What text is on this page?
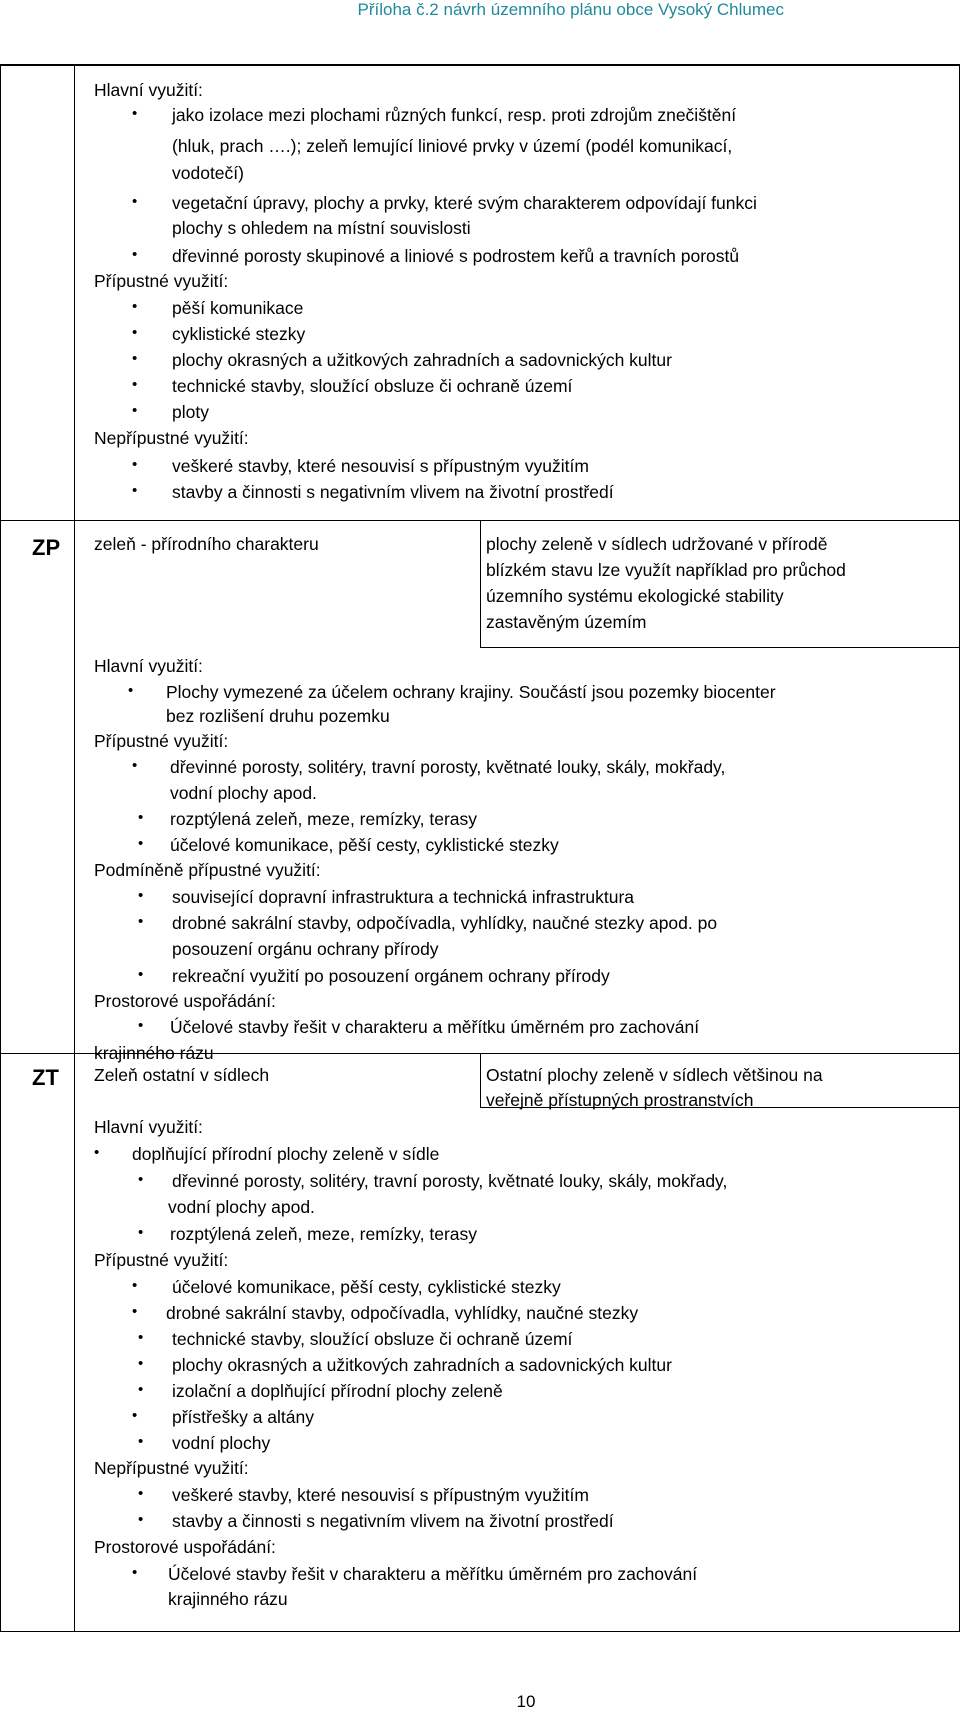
Příloha č.2 návrh územního plánu obce Vysoký Chlumec
Hlavní využití:
• jako izolace mezi plochami různých funkcí, resp. proti zdrojům znečištění
(hluk, prach ….); zeleň lemující liniové prvky v území (podél komunikací,
vodotečí)
• vegetační úpravy, plochy a prvky, které svým charakterem odpovídají funkci
plochy s ohledem na místní souvislosti
• dřevinné porosty skupinové a liniové s podrostem keřů a travních porostů
Přípustné využití:
• pěší komunikace
• cyklistické stezky
• plochy okrasných a užitkových zahradních a sadovnických kultur
• technické stavby, sloužící obsluze či ochraně území
• ploty
Nepřípustné využití:
• veškeré stavby, které nesouvisí s přípustným využitím
• stavby a činnosti s negativním vlivem na životní prostředí
ZP zeleň - přírodního charakteru	plochy zeleně v sídlech udržované v přírodě
blízkém stavu lze využít například pro průchod
územního systému ekologické stability
zastavěným územím
Hlavní využití:
• Plochy vymezené za účelem ochrany krajiny. Součástí jsou pozemky biocenter
bez rozlišení druhu pozemku
Přípustné využití:
• dřevinné porosty, solitéry, travní porosty, květnaté louky, skály, mokřady,
vodní plochy apod.
• rozptýlená zeleň, meze, remízky, terasy
• účelové komunikace, pěší cesty, cyklistické stezky
Podmíněně přípustné využití:
• související dopravní infrastruktura a technická infrastruktura
• drobné sakrální stavby, odpočívadla, vyhlídky, naučné stezky apod. po
posouzení orgánu ochrany přírody
• rekreační využití po posouzení orgánem ochrany přírody
Prostorové uspořádání:
• Účelové stavby řešit v charakteru a měřítku úměrném pro zachování
krajinného rázu
ZT Zeleň ostatní v sídlech	Ostatní plochy zeleně v sídlech většinou na
veřejně přístupných prostranstvích
Hlavní využití:
• doplňující přírodní plochy zeleně v sídle
• dřevinné porosty, solitéry, travní porosty, květnaté louky, skály, mokřady,
vodní plochy apod.
• rozptýlená zeleň, meze, remízky, terasy
Přípustné využití:
• účelové komunikace, pěší cesty, cyklistické stezky
• drobné sakrální stavby, odpočívadla, vyhlídky, naučné stezky
• technické stavby, sloužící obsluze či ochraně území
• plochy okrasných a užitkových zahradních a sadovnických kultur
• izolační a doplňující přírodní plochy zeleně
• přístřešky a altány
• vodní plochy
Nepřípustné využití:
• veškeré stavby, které nesouvisí s přípustným využitím
• stavby a činnosti s negativním vlivem na životní prostředí
Prostorové uspořádání:
• Účelové stavby řešit v charakteru a měřítku úměrném pro zachování
krajinného rázu
10
